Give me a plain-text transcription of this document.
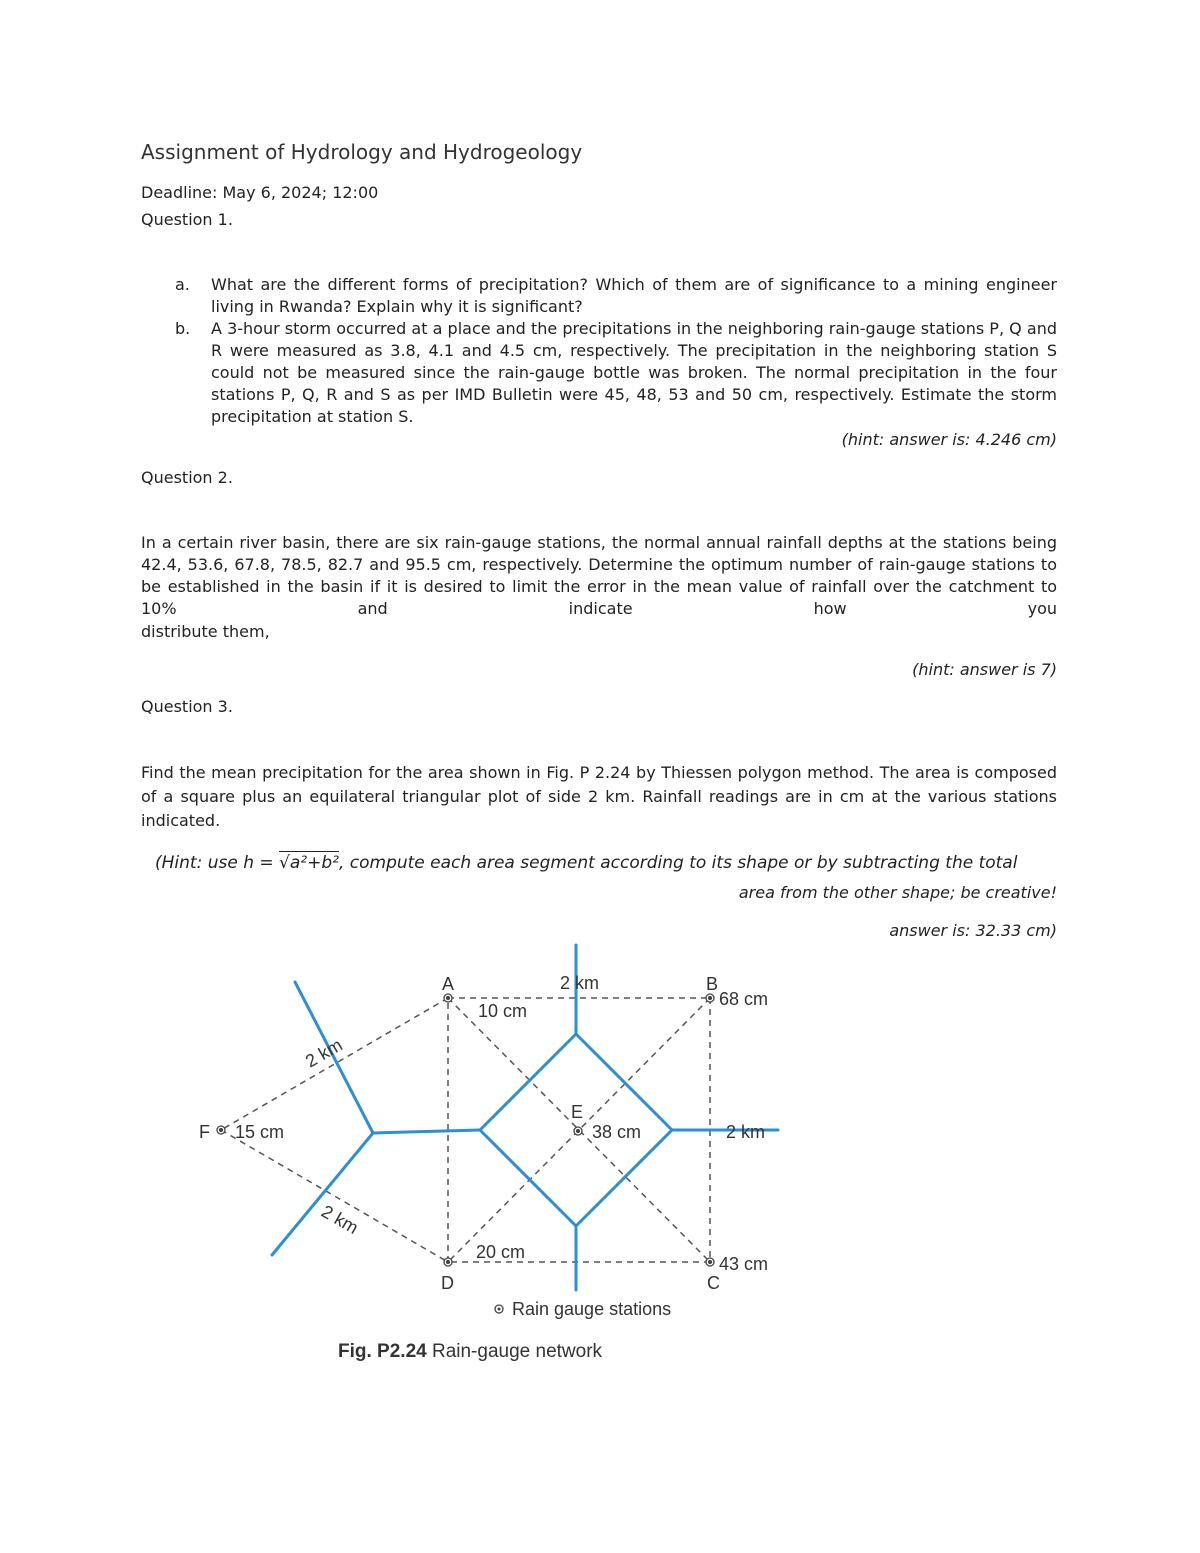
Assignment of Hydrology and Hydrogeology
Deadline: May 6, 2024; 12:00
Question 1.
a. What are the different forms of precipitation? Which of them are of significance to a mining engineer living in Rwanda? Explain why it is significant?
b. A 3-hour storm occurred at a place and the precipitations in the neighboring rain-gauge stations P, Q and R were measured as 3.8, 4.1 and 4.5 cm, respectively. The precipitation in the neighboring station S could not be measured since the rain-gauge bottle was broken. The normal precipitation in the four stations P, Q, R and S as per IMD Bulletin were 45, 48, 53 and 50 cm, respectively. Estimate the storm precipitation at station S.
(hint: answer is: 4.246 cm)
Question 2.
In a certain river basin, there are six rain-gauge stations, the normal annual rainfall depths at the stations being 42.4, 53.6, 67.8, 78.5, 82.7 and 95.5 cm, respectively. Determine the optimum number of rain-gauge stations to be established in the basin if it is desired to limit the error in the mean value of rainfall over the catchment to 10% and indicate how you
distribute them,
(hint: answer is 7)
Question 3.
Find the mean precipitation for the area shown in Fig. P 2.24 by Thiessen polygon method. The area is composed of a square plus an equilateral triangular plot of side 2 km. Rainfall readings are in cm at the various stations indicated.
(Hint: use h = √a²+b², compute each area segment according to its shape or by subtracting the total
area from the other shape; be creative!
answer is: 32.33 cm)
A
10 cm
B
68 cm
C
43 cm
D
20 cm
E
38 cm
F 15 cm
2 km
2 km
2 km
2 km
Rain gauge stations
Fig. P2.24 Rain-gauge network
